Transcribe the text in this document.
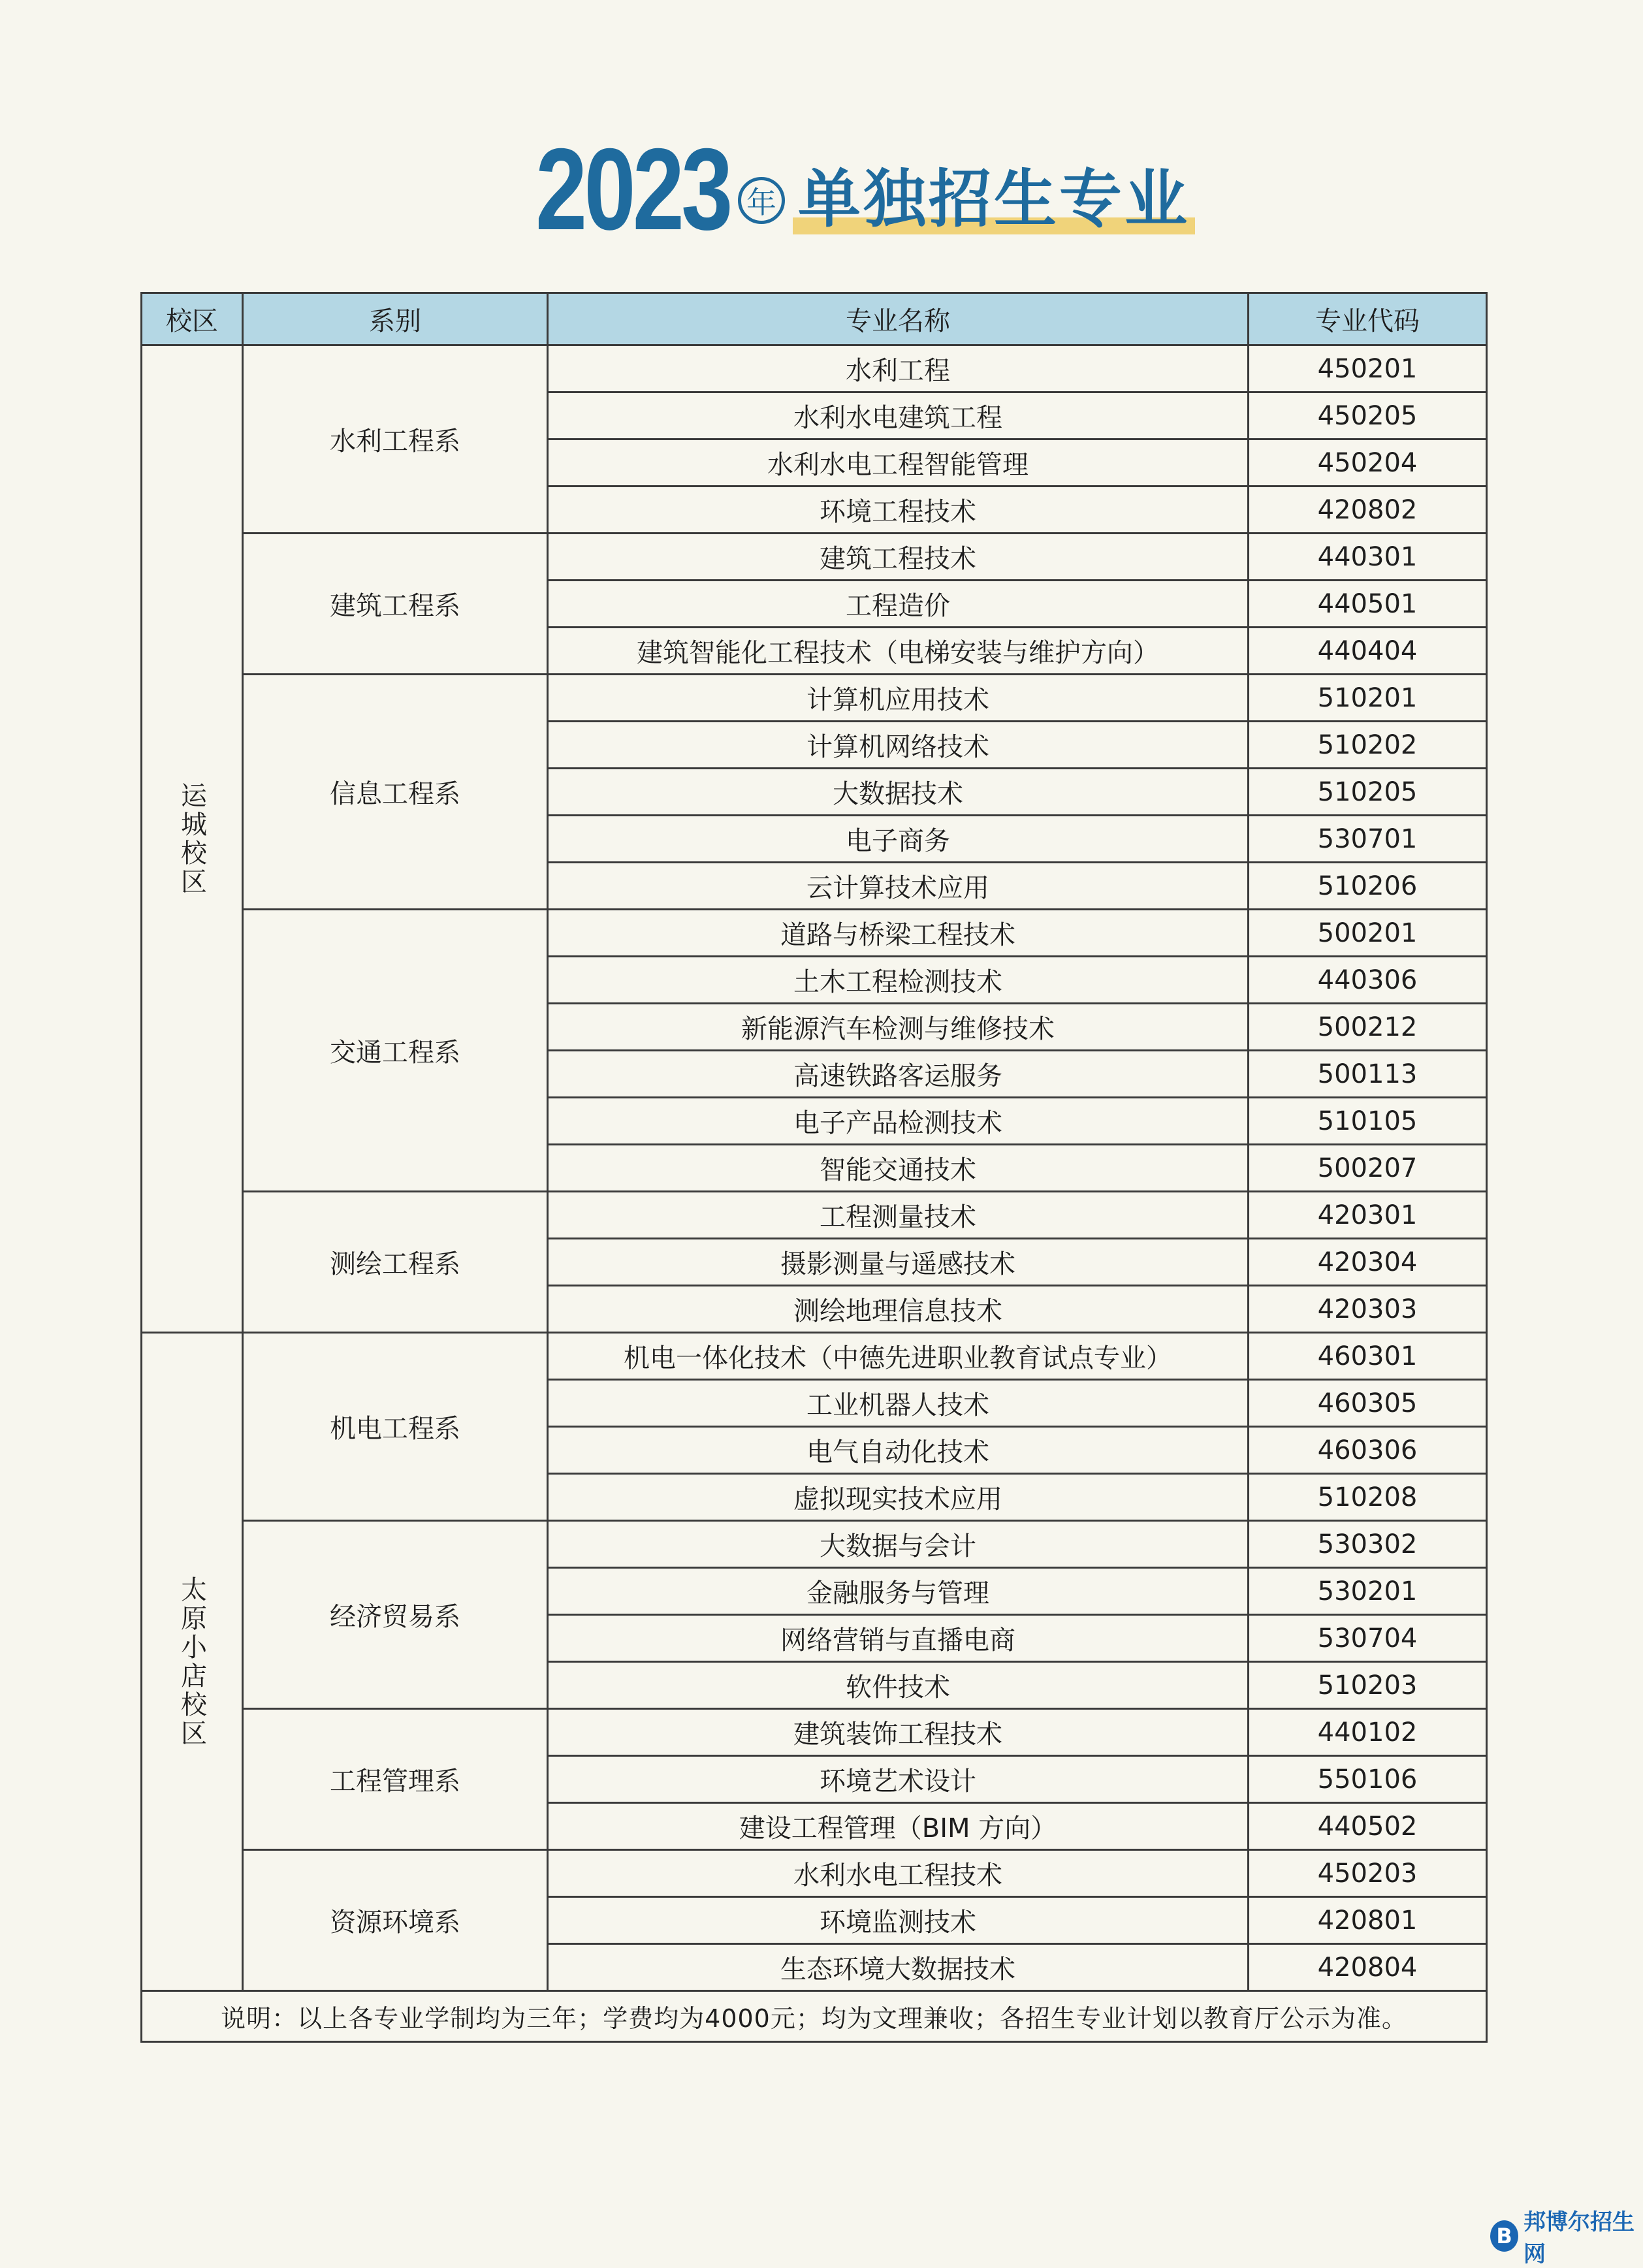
2023 年 单独招生专业
校区	系别	专业名称	专业代码
运城校区	水利工程系	水利工程	450201
		水利水电建筑工程	450205
		水利水电工程智能管理	450204
		环境工程技术	420802
	建筑工程系	建筑工程技术	440301
		工程造价	440501
		建筑智能化工程技术（电梯安装与维护方向）	440404
	信息工程系	计算机应用技术	510201
		计算机网络技术	510202
		大数据技术	510205
		电子商务	530701
		云计算技术应用	510206
	交通工程系	道路与桥梁工程技术	500201
		土木工程检测技术	440306
		新能源汽车检测与维修技术	500212
		高速铁路客运服务	500113
		电子产品检测技术	510105
		智能交通技术	500207
	测绘工程系	工程测量技术	420301
		摄影测量与遥感技术	420304
		测绘地理信息技术	420303
太原小店校区	机电工程系	机电一体化技术（中德先进职业教育试点专业）	460301
		工业机器人技术	460305
		电气自动化技术	460306
		虚拟现实技术应用	510208
	经济贸易系	大数据与会计	530302
		金融服务与管理	530201
		网络营销与直播电商	530704
		软件技术	510203
	工程管理系	建筑装饰工程技术	440102
		环境艺术设计	550106
		建设工程管理（BIM 方向）	440502
	资源环境系	水利水电工程技术	450203
		环境监测技术	420801
		生态环境大数据技术	420804
说明：以上各专业学制均为三年；学费均为4000元；均为文理兼收；各招生专业计划以教育厅公示为准。			
B
邦博尔招生网
